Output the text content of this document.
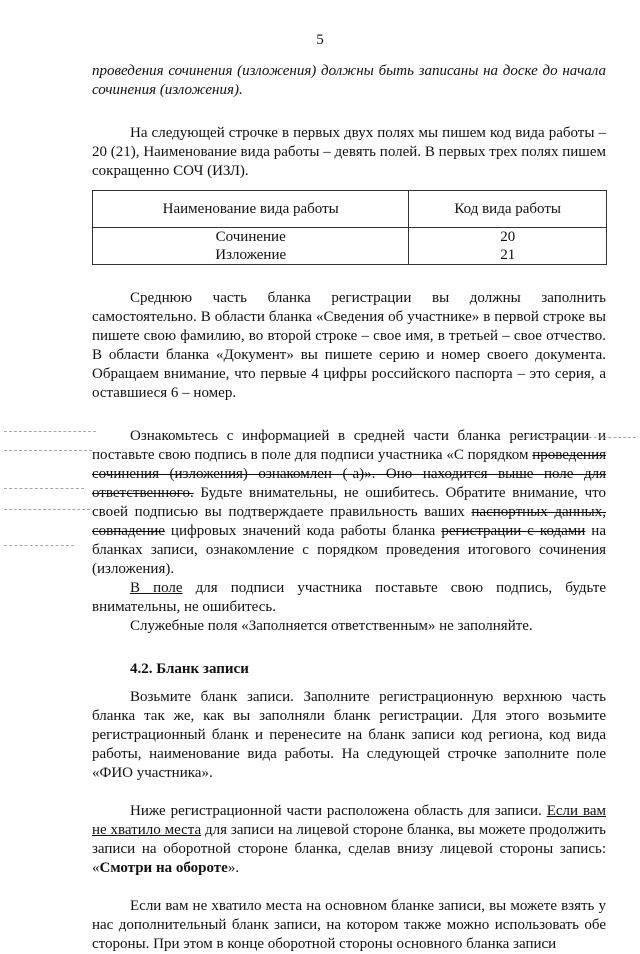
5

проведения сочинения (изложения) должны быть записаны на доске до начала сочинения (изложения).

На следующей строчке в первых двух полях мы пишем код вида работы – 20 (21), Наименование вида работы – девять полей. В первых трех полях пишем сокращенно СОЧ (ИЗЛ).

Наименование вида работы	Код вида работы
Сочинение	20
Изложение	21

Среднюю часть бланка регистрации вы должны заполнить самостоятельно. В области бланка «Сведения об участнике» в первой строке вы пишете свою фамилию, во второй строке – свое имя, в третьей – свое отчество. В области бланка «Документ» вы пишете серию и номер своего документа. Обращаем внимание, что первые 4 цифры российского паспорта – это серия, а оставшиеся 6 – номер.

Ознакомьтесь с информацией в средней части бланка регистрации и поставьте свою подпись в поле для подписи участника «С порядком проведения сочинения (изложения) ознакомлен (-а)». Оно находится выше поле для ответственного. Будьте внимательны, не ошибитесь. Обратите внимание, что своей подписью вы подтверждаете правильность ваших паспортных данных, совпадение цифровых значений кода работы бланка регистрации с кодами на бланках записи, ознакомление с порядком проведения итогового сочинения (изложения).

В поле для подписи участника поставьте свою подпись, будьте внимательны, не ошибитесь.

Служебные поля «Заполняется ответственным» не заполняйте.

4.2. Бланк записи

Возьмите бланк записи. Заполните регистрационную верхнюю часть бланка так же, как вы заполняли бланк регистрации. Для этого возьмите регистрационный бланк и перенесите на бланк записи код региона, код вида работы, наименование вида работы. На следующей строчке заполните поле «ФИО участника».

Ниже регистрационной части расположена область для записи. Если вам не хватило места для записи на лицевой стороне бланка, вы можете продолжить записи на оборотной стороне бланка, сделав внизу лицевой стороны запись: «Смотри на обороте».

Если вам не хватило места на основном бланке записи, вы можете взять у нас дополнительный бланк записи, на котором также можно использовать обе стороны. При этом в конце оборотной стороны основного бланка записи
